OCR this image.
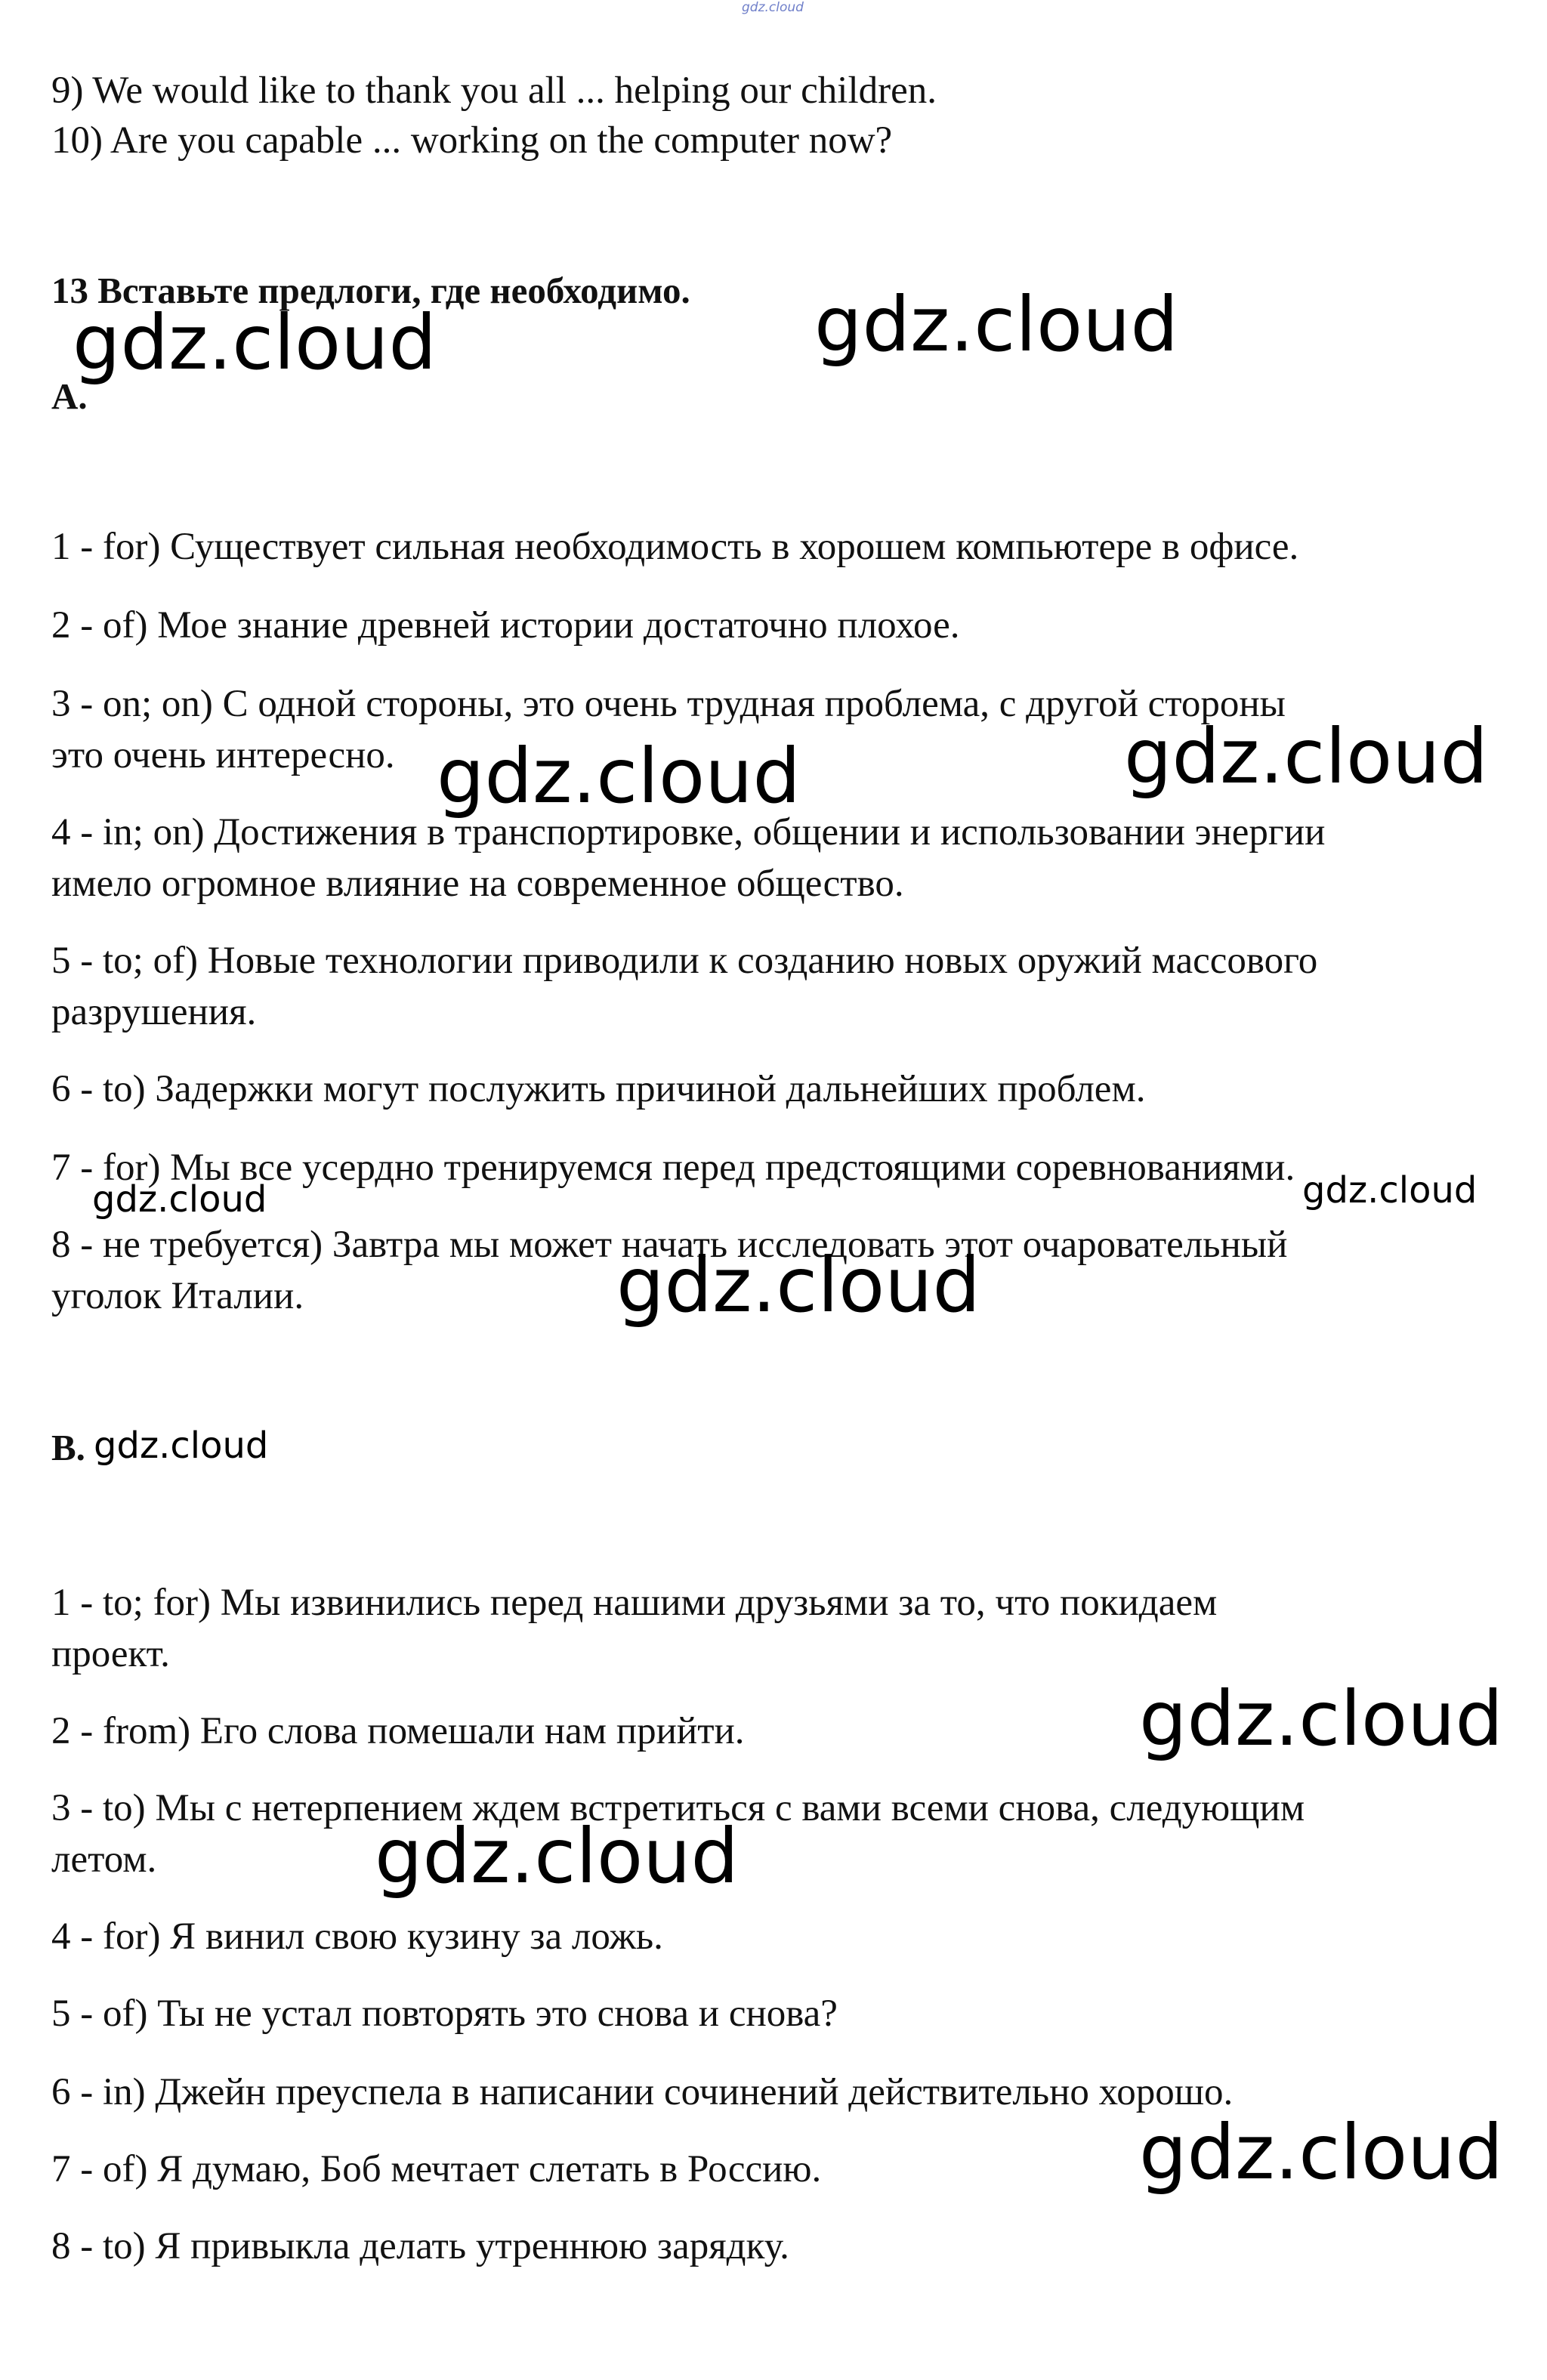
gdz.cloud
9) We would like to thank you all ... helping our children.
10) Are you capable ... working on the computer now?
13 Вставьте предлоги, где необходимо.
A.
1 - for) Существует сильная необходимость в хорошем компьютере в офисе.
2 - of) Мое знание древней истории достаточно плохое.
3 - on; on) С одной стороны, это очень трудная проблема, с другой стороны
это очень интересно.
4 - in; on) Достижения в транспортировке, общении и использовании энергии
имело огромное влияние на современное общество.
5 - to; of) Новые технологии приводили к созданию новых оружий массового
разрушения.
6 - to) Задержки могут послужить причиной дальнейших проблем.
7 - for) Мы все усердно тренируемся перед предстоящими соревнованиями.
8 - не требуется) Завтра мы может начать исследовать этот очаровательный
уголок Италии.
B.
1 - to; for) Мы извинились перед нашими друзьями за то, что покидаем
проект.
2 - from) Его слова помешали нам прийти.
3 - to) Мы с нетерпением ждем встретиться с вами всеми снова, следующим
летом.
4 - for) Я винил свою кузину за ложь.
5 - of) Ты не устал повторять это снова и снова?
6 - in) Джейн преуспела в написании сочинений действительно хорошо.
7 - of) Я думаю, Боб мечтает слетать в Россию.
8 - to) Я привыкла делать утреннюю зарядку.
gdz.cloud	gdz.cloud
gdz.cloud	gdz.cloud
gdz.cloud	gdz.cloud
gdz.cloud
gdz.cloud
gdz.cloud
gdz.cloud
gdz.cloud
